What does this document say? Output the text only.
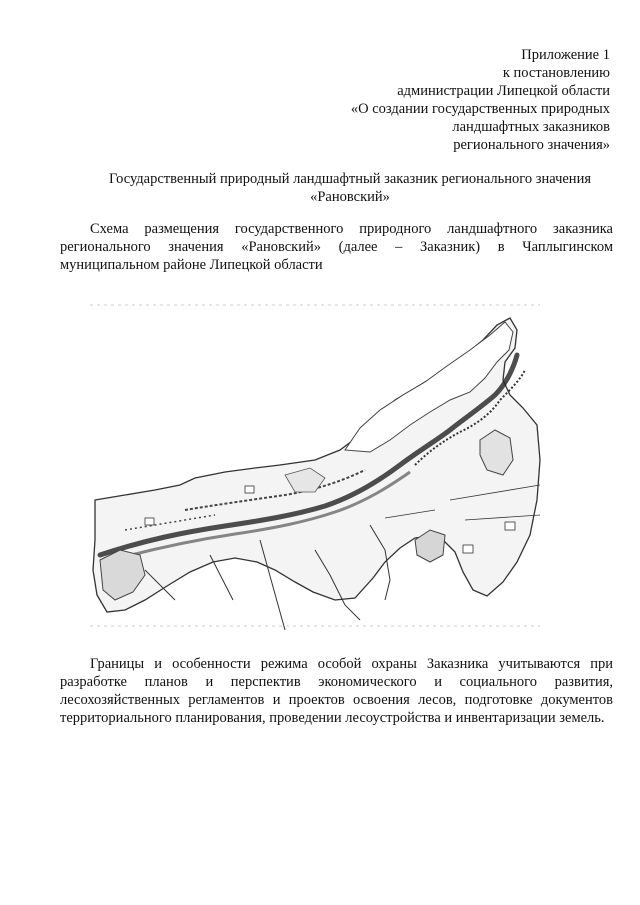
Приложение 1
к постановлению
администрации Липецкой области
«О создании государственных природных
ландшафтных заказников
регионального значения»
Государственный природный ландшафтный заказник регионального значения
«Рановский»
Схема размещения государственного природного ландшафтного заказника регионального значения «Рановский» (далее – Заказник) в Чаплыгинском муниципальном районе Липецкой области
Границы и особенности режима особой охраны Заказника учитываются при разработке планов и перспектив экономического и социального развития, лесохозяйственных регламентов и проектов освоения лесов, подготовке документов территориального планирования, проведении лесоустройства и инвентаризации земель.
